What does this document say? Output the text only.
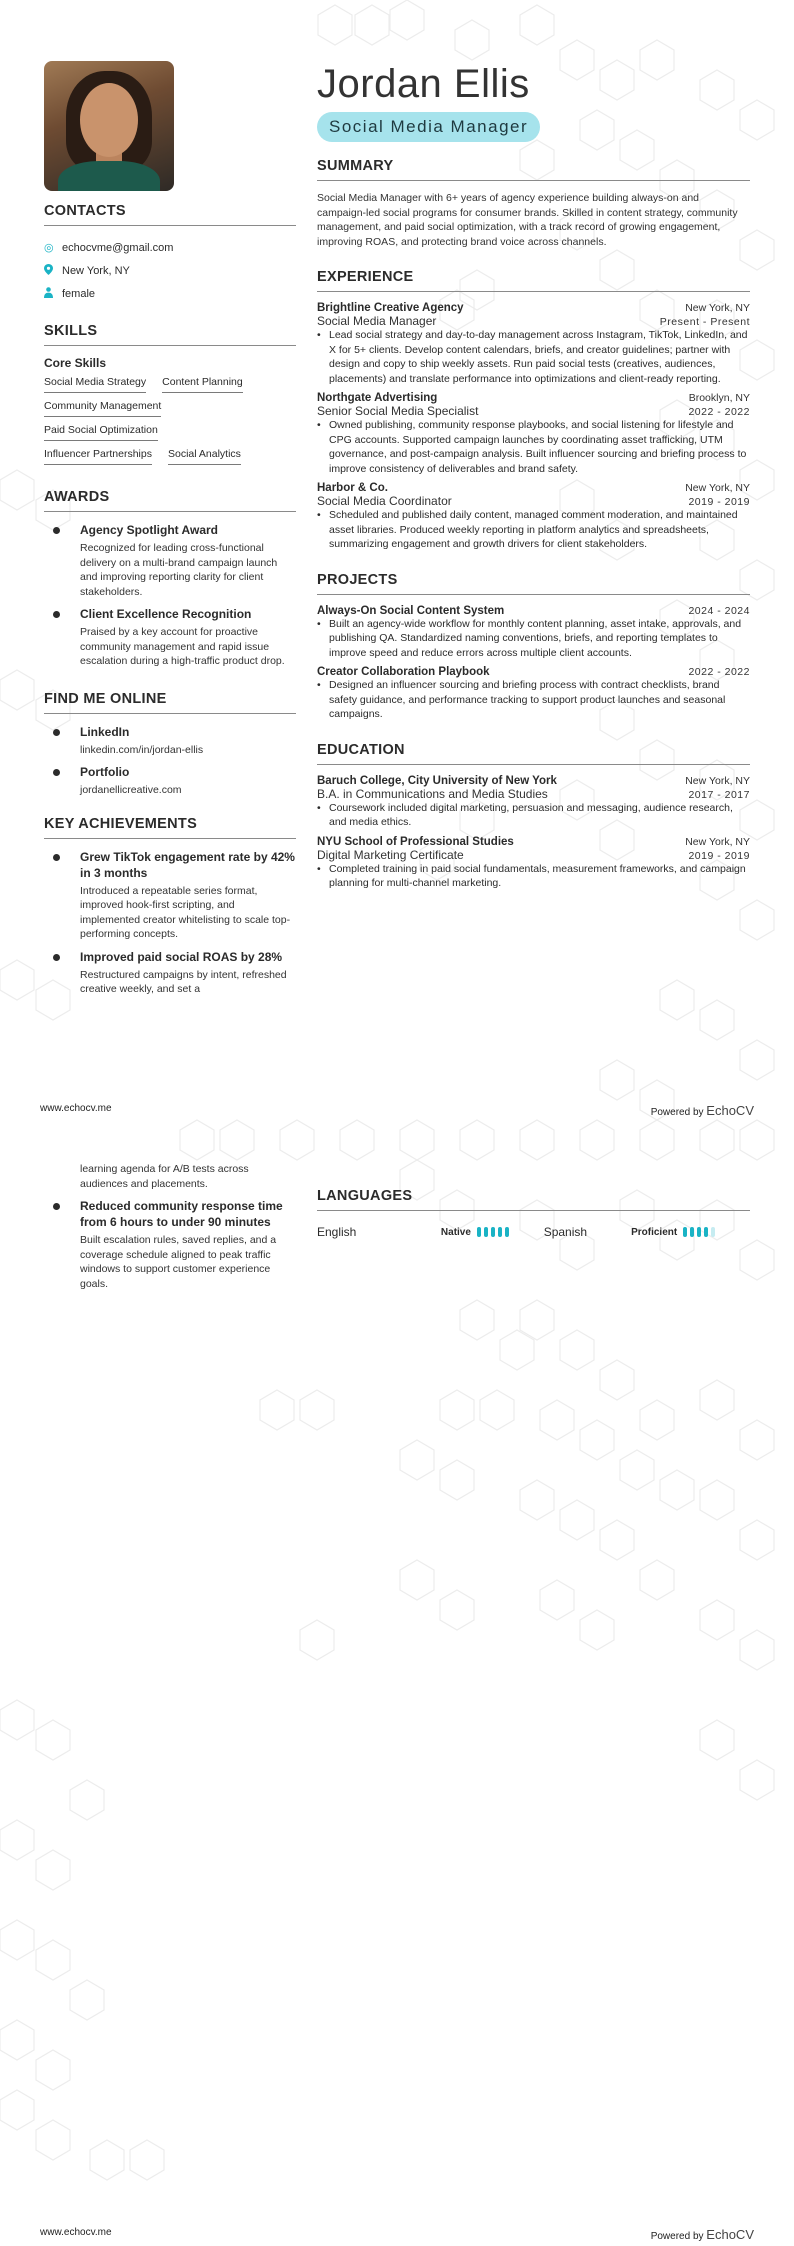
CONTACTS
◎ echocvme@gmail.com
New York, NY
female
SKILLS
Core Skills
Social Media Strategy Content Planning
Community Management
Paid Social Optimization
Influencer Partnerships Social Analytics
AWARDS
Agency Spotlight Award
Recognized for leading cross-functional delivery on a multi-brand campaign launch and improving reporting clarity for client stakeholders.
Client Excellence Recognition
Praised by a key account for proactive community management and rapid issue escalation during a high-traffic product drop.
FIND ME ONLINE
LinkedIn
linkedin.com/in/jordan-ellis
Portfolio
jordanellicreative.com
KEY ACHIEVEMENTS
Grew TikTok engagement rate by 42% in 3 months
Introduced a repeatable series format, improved hook-first scripting, and implemented creator whitelisting to scale top-performing concepts.
Improved paid social ROAS by 28%
Restructured campaigns by intent, refreshed creative weekly, and set a
Jordan Ellis
Social Media Manager
SUMMARY
Social Media Manager with 6+ years of agency experience building always-on and campaign-led social programs for consumer brands. Skilled in content strategy, community management, and paid social optimization, with a track record of growing engagement, improving ROAS, and protecting brand voice across channels.
EXPERIENCE
Brightline Creative Agency	New York, NY
Social Media Manager	Present - Present
• Lead social strategy and day-to-day management across Instagram, TikTok, LinkedIn, and X for 5+ clients. Develop content calendars, briefs, and creator guidelines; partner with design and copy to ship weekly assets. Run paid social tests (creatives, audiences, placements) and translate performance into optimizations and client-ready reporting.
Northgate Advertising	Brooklyn, NY
Senior Social Media Specialist	2022 - 2022
• Owned publishing, community response playbooks, and social listening for lifestyle and CPG accounts. Supported campaign launches by coordinating asset trafficking, UTM governance, and post-campaign analysis. Built influencer sourcing and briefing process to improve consistency of deliverables and brand safety.
Harbor & Co.	New York, NY
Social Media Coordinator	2019 - 2019
• Scheduled and published daily content, managed comment moderation, and maintained asset libraries. Produced weekly reporting in platform analytics and spreadsheets, summarizing engagement and growth drivers for client stakeholders.
PROJECTS
Always-On Social Content System	2024 - 2024
• Built an agency-wide workflow for monthly content planning, asset intake, approvals, and publishing QA. Standardized naming conventions, briefs, and reporting templates to improve speed and reduce errors across multiple client accounts.
Creator Collaboration Playbook	2022 - 2022
• Designed an influencer sourcing and briefing process with contract checklists, brand safety guidance, and performance tracking to support product launches and seasonal campaigns.
EDUCATION
Baruch College, City University of New York	New York, NY
B.A. in Communications and Media Studies	2017 - 2017
• Coursework included digital marketing, persuasion and messaging, audience research, and media ethics.
NYU School of Professional Studies	New York, NY
Digital Marketing Certificate	2019 - 2019
• Completed training in paid social fundamentals, measurement frameworks, and campaign planning for multi-channel marketing.
www.echocv.me	Powered by EchoCV
learning agenda for A/B tests across audiences and placements.
Reduced community response time from 6 hours to under 90 minutes
Built escalation rules, saved replies, and a coverage schedule aligned to peak traffic windows to support customer experience goals.
LANGUAGES
English	Native	Spanish	Proficient
www.echocv.me	Powered by EchoCV
